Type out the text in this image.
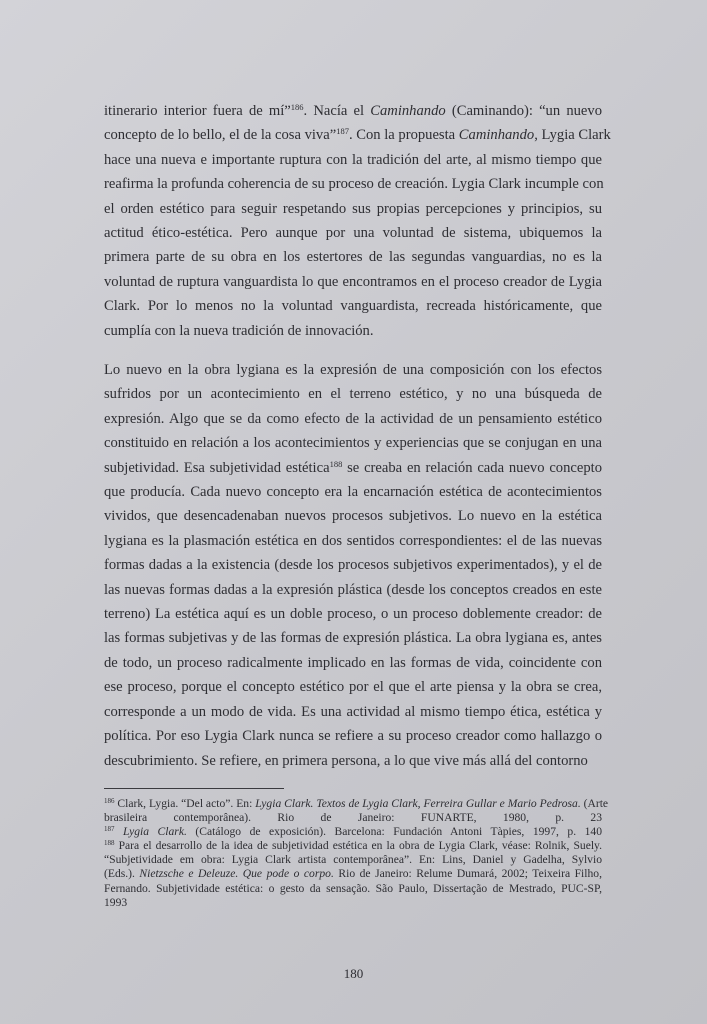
itinerario interior fuera de mí”$^{186}$. Nacía el Caminhando (Caminando): “un nuevo
concepto de lo bello, el de la cosa viva”$^{187}$. Con la propuesta Caminhando, Lygia Clark
hace una nueva e importante ruptura con la tradición del arte, al mismo tiempo que
reafirma la profunda coherencia de su proceso de creación. Lygia Clark incumple con
el orden estético para seguir respetando sus propias percepciones y principios, su
actitud ético-estética. Pero aunque por una voluntad de sistema, ubiquemos la
primera parte de su obra en los estertores de las segundas vanguardias, no es la
voluntad de ruptura vanguardista lo que encontramos en el proceso creador de Lygia
Clark. Por lo menos no la voluntad vanguardista, recreada históricamente, que
cumplía con la nueva tradición de innovación.
Lo nuevo en la obra lygiana es la expresión de una composición con los efectos
sufridos por un acontecimiento en el terreno estético, y no una búsqueda de
expresión. Algo que se da como efecto de la actividad de un pensamiento estético
constituido en relación a los acontecimientos y experiencias que se conjugan en una
subjetividad. Esa subjetividad estética$^{188}$ se creaba en relación cada nuevo concepto
que producía. Cada nuevo concepto era la encarnación estética de acontecimientos
vividos, que desencadenaban nuevos procesos subjetivos. Lo nuevo en la estética
lygiana es la plasmación estética en dos sentidos correspondientes: el de las nuevas
formas dadas a la existencia (desde los procesos subjetivos experimentados), y el de
las nuevas formas dadas a la expresión plástica (desde los conceptos creados en este
terreno) La estética aquí es un doble proceso, o un proceso doblemente creador: de
las formas subjetivas y de las formas de expresión plástica. La obra lygiana es, antes
de todo, un proceso radicalmente implicado en las formas de vida, coincidente con
ese proceso, porque el concepto estético por el que el arte piensa y la obra se crea,
corresponde a un modo de vida. Es una actividad al mismo tiempo ética, estética y
política. Por eso Lygia Clark nunca se refiere a su proceso creador como hallazgo o
descubrimiento. Se refiere, en primera persona, a lo que vive más allá del contorno
$^{186}$ Clark, Lygia. “Del acto”. En: Lygia Clark. Textos de Lygia Clark, Ferreira Gullar e Mario Pedrosa. (Arte
brasileira contemporânea). Rio de Janeiro: FUNARTE, 1980, p. 23
$^{187}$ Lygia Clark. (Catálogo de exposición). Barcelona: Fundación Antoni Tàpies, 1997, p. 140
$^{188}$ Para el desarrollo de la idea de subjetividad estética en la obra de Lygia Clark, véase: Rolnik, Suely.
“Subjetividade em obra: Lygia Clark artista contemporânea”. En: Lins, Daniel y Gadelha, Sylvio
(Eds.). Nietzsche e Deleuze. Que pode o corpo. Rio de Janeiro: Relume Dumará, 2002; Teixeira Filho,
Fernando. Subjetividade estética: o gesto da sensação. São Paulo, Dissertação de Mestrado, PUC-SP,
1993
180
